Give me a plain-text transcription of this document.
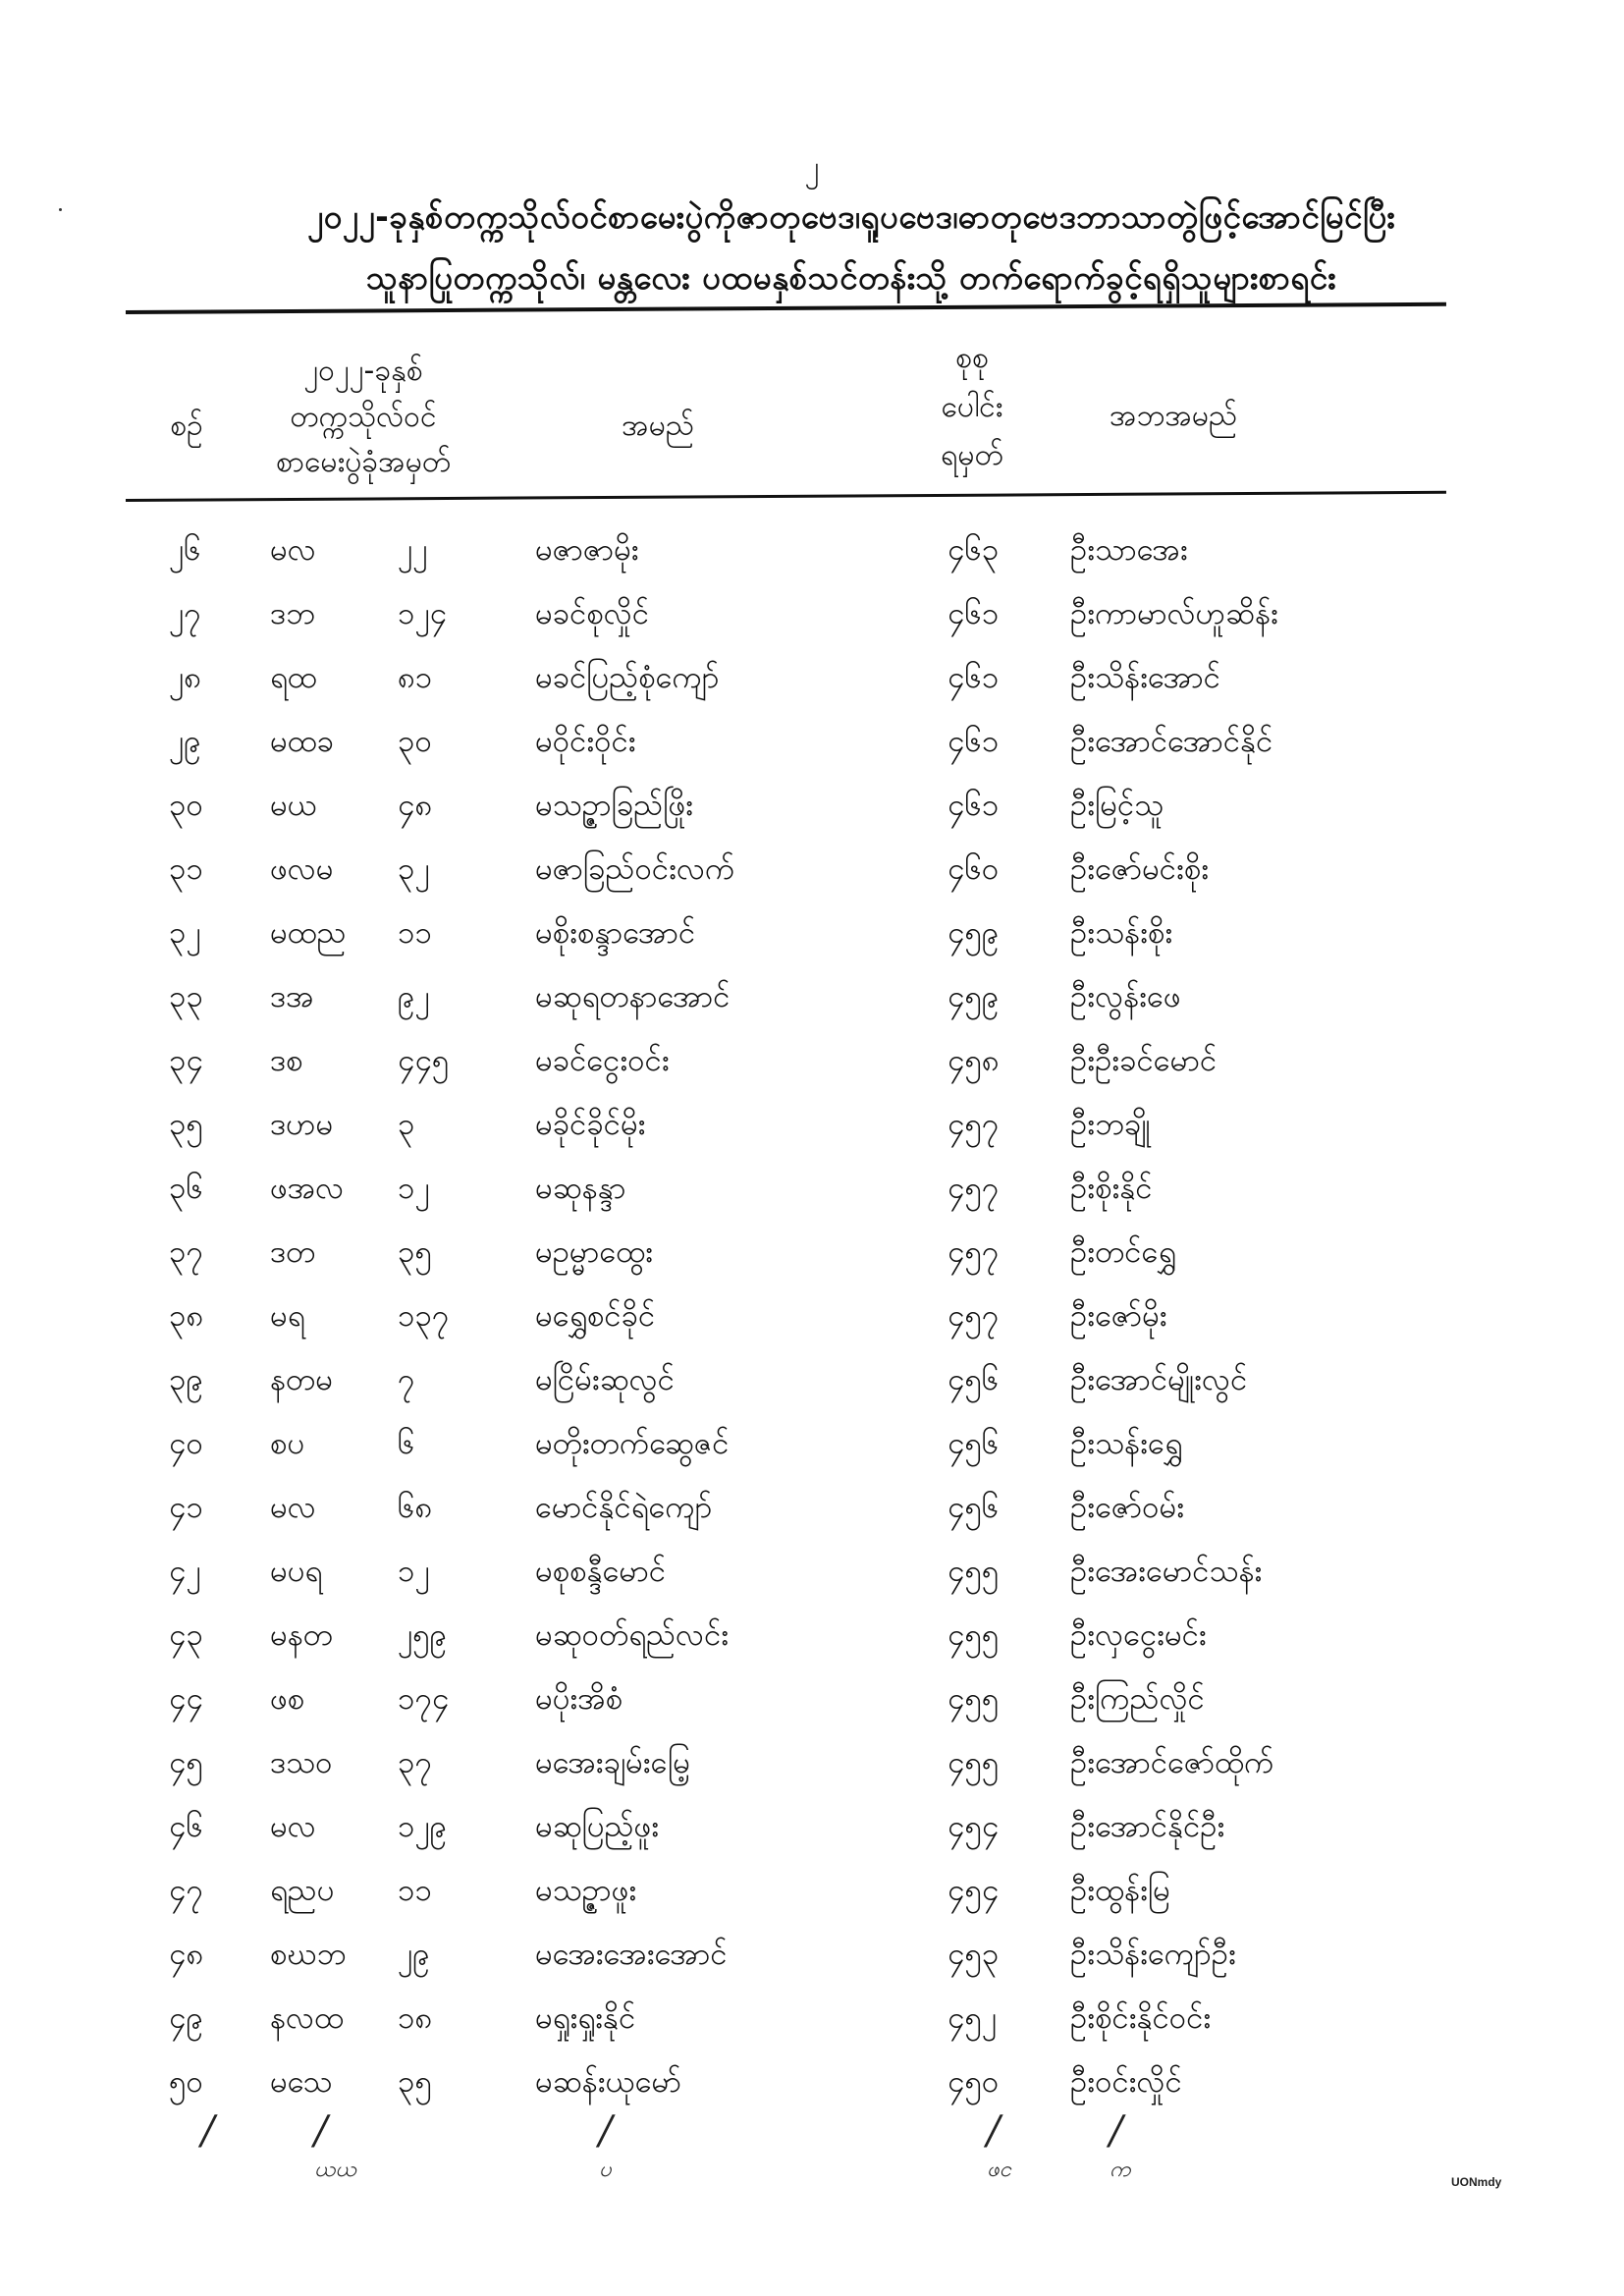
၂
၂၀၂၂-ခုနှစ်တက္ကသိုလ်ဝင်စာမေးပွဲကိုဇာတုဗေဒ၊ရူပဗေဒ၊ဓာတုဗေဒဘာသာတွဲဖြင့်အောင်မြင်ပြီး
သူနာပြုတက္ကသိုလ်၊ မန္တလေး ပထမနှစ်သင်တန်းသို့ တက်ရောက်ခွင့်ရရှိသူများစာရင်း
စဉ်
၂၀၂၂-ခုနှစ်
တက္ကသိုလ်ဝင်
စာမေးပွဲခုံအမှတ်
အမည်
စုစု
ပေါင်း
ရမှတ်
အဘအမည်
၂၆	မလ	၂၂	မဇာဇာမိုး	၄၆၃	ဦးသာအေး
၂၇	ဒဘ	၁၂၄	မခင်စုလှိုင်	၄၆၁	ဦးကာမာလ်ဟူဆိန်း
၂၈	ရထ	၈၁	မခင်ပြည့်စုံကျော်	၄၆၁	ဦးသိန်းအောင်
၂၉	မထခ	၃၀	မဝိုင်းဝိုင်း	၄၆၁	ဦးအောင်အောင်နိုင်
၃၀	မယ	၄၈	မသဉ္ဇာခြည်ဖြိုး	၄၆၁	ဦးမြင့်သူ
၃၁	ဖလမ	၃၂	မဇာခြည်ဝင်းလက်	၄၆၀	ဦးဇော်မင်းစိုး
၃၂	မထည	၁၁	မစိုးစန္ဒာအောင်	၄၅၉	ဦးသန်းစိုး
၃၃	ဒအ	၉၂	မဆုရတနာအောင်	၄၅၉	ဦးလွန်းဖေ
၃၄	ဒစ	၄၄၅	မခင်ငွေးဝင်း	၄၅၈	ဦးဦးခင်မောင်
၃၅	ဒဟမ	၃	မခိုင်ခိုင်မိုး	၄၅၇	ဦးဘချို
၃၆	ဖအလ	၁၂	မဆုနန္ဒာ	၄၅၇	ဦးစိုးနိုင်
၃၇	ဒတ	၃၅	မဥမ္မာထွေး	၄၅၇	ဦးတင်ရွှေ
၃၈	မရ	၁၃၇	မရွှေစင်ခိုင်	၄၅၇	ဦးဇော်မိုး
၃၉	နတမ	၇	မငြိမ်းဆုလွင်	၄၅၆	ဦးအောင်မျိုးလွင်
၄၀	စပ	၆	မတိုးတက်ဆွေဇင်	၄၅၆	ဦးသန်းရွှေ
၄၁	မလ	၆၈	မောင်နိုင်ရဲကျော်	၄၅၆	ဦးဇော်ဝမ်း
၄၂	မပရ	၁၂	မစုစန္ဒီမောင်	၄၅၅	ဦးအေးမောင်သန်း
၄၃	မနတ	၂၅၉	မဆုဝတ်ရည်လင်း	၄၅၅	ဦးလှငွေးမင်း
၄၄	ဖစ	၁၇၄	မပိုးအိစံ	၄၅၅	ဦးကြည်လှိုင်
၄၅	ဒသဝ	၃၇	မအေးချမ်းမြေ့	၄၅၅	ဦးအောင်ဇော်ထိုက်
၄၆	မလ	၁၂၉	မဆုပြည့်ဖူး	၄၅၄	ဦးအောင်နိုင်ဦး
၄၇	ရညပ	၁၁	မသဉ္ဇာဖူး	၄၅၄	ဦးထွန်းမြ
၄၈	စဃဘ	၂၉	မအေးအေးအောင်	၄၅၃	ဦးသိန်းကျော်ဦး
၄၉	နလထ	၁၈	မရှုးရှုးနိုင်	၄၅၂	ဦးစိုင်းနိုင်ဝင်း
၅၀	မသေ	၃၅	မဆန်းယုမော်	၄၅၀	ဦးဝင်းလှိုင်
/	/
ယယ
/
ပ
/
ဖင
/
က	UONmdy
